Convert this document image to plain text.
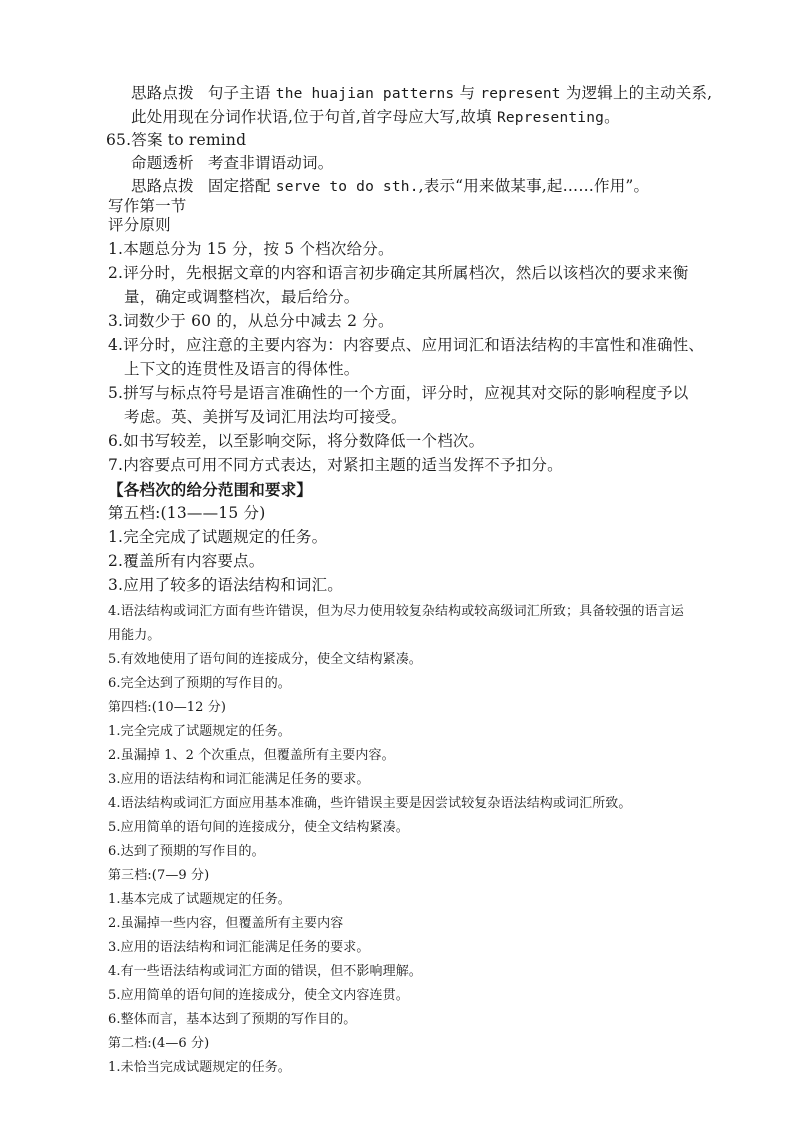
思路点拨 句子主语 the huajian patterns 与 represent 为逻辑上的主动关系,
此处用现在分词作状语,位于句首,首字母应大写,故填 Representing。
65.答案 to remind
命题透析 考查非谓语动词。
思路点拨 固定搭配 serve to do sth.,表示“用来做某事,起……作用”。
写作第一节
评分原则
1.本题总分为 15 分，按 5 个档次给分。
2.评分时，先根据文章的内容和语言初步确定其所属档次，然后以该档次的要求来衡
量，确定或调整档次，最后给分。
3.词数少于 60 的，从总分中减去 2 分。
4.评分时，应注意的主要内容为：内容要点、应用词汇和语法结构的丰富性和准确性、
上下文的连贯性及语言的得体性。
5.拼写与标点符号是语言准确性的一个方面，评分时，应视其对交际的影响程度予以
考虑。英、美拼写及词汇用法均可接受。
6.如书写较差，以至影响交际，将分数降低一个档次。
7.内容要点可用不同方式表达，对紧扣主题的适当发挥不予扣分。
【各档次的给分范围和要求】
第五档:(13——15 分)
1.完全完成了试题规定的任务。
2.覆盖所有内容要点。
3.应用了较多的语法结构和词汇。
4.语法结构或词汇方面有些许错误，但为尽力使用较复杂结构或较高级词汇所致；具备较强的语言运
用能力。
5.有效地使用了语句间的连接成分，使全文结构紧凑。
6.完全达到了预期的写作目的。
第四档:(10—12 分)
1.完全完成了试题规定的任务。
2.虽漏掉 1、2 个次重点，但覆盖所有主要内容。
3.应用的语法结构和词汇能满足任务的要求。
4.语法结构或词汇方面应用基本准确，些许错误主要是因尝试较复杂语法结构或词汇所致。
5.应用简单的语句间的连接成分，使全文结构紧凑。
6.达到了预期的写作目的。
第三档:(7—9 分)
1.基本完成了试题规定的任务。
2.虽漏掉一些内容，但覆盖所有主要内容
3.应用的语法结构和词汇能满足任务的要求。
4.有一些语法结构或词汇方面的错误，但不影响理解。
5.应用简单的语句间的连接成分，使全文内容连贯。
6.整体而言，基本达到了预期的写作目的。
第二档:(4—6 分)
1.未恰当完成试题规定的任务。
